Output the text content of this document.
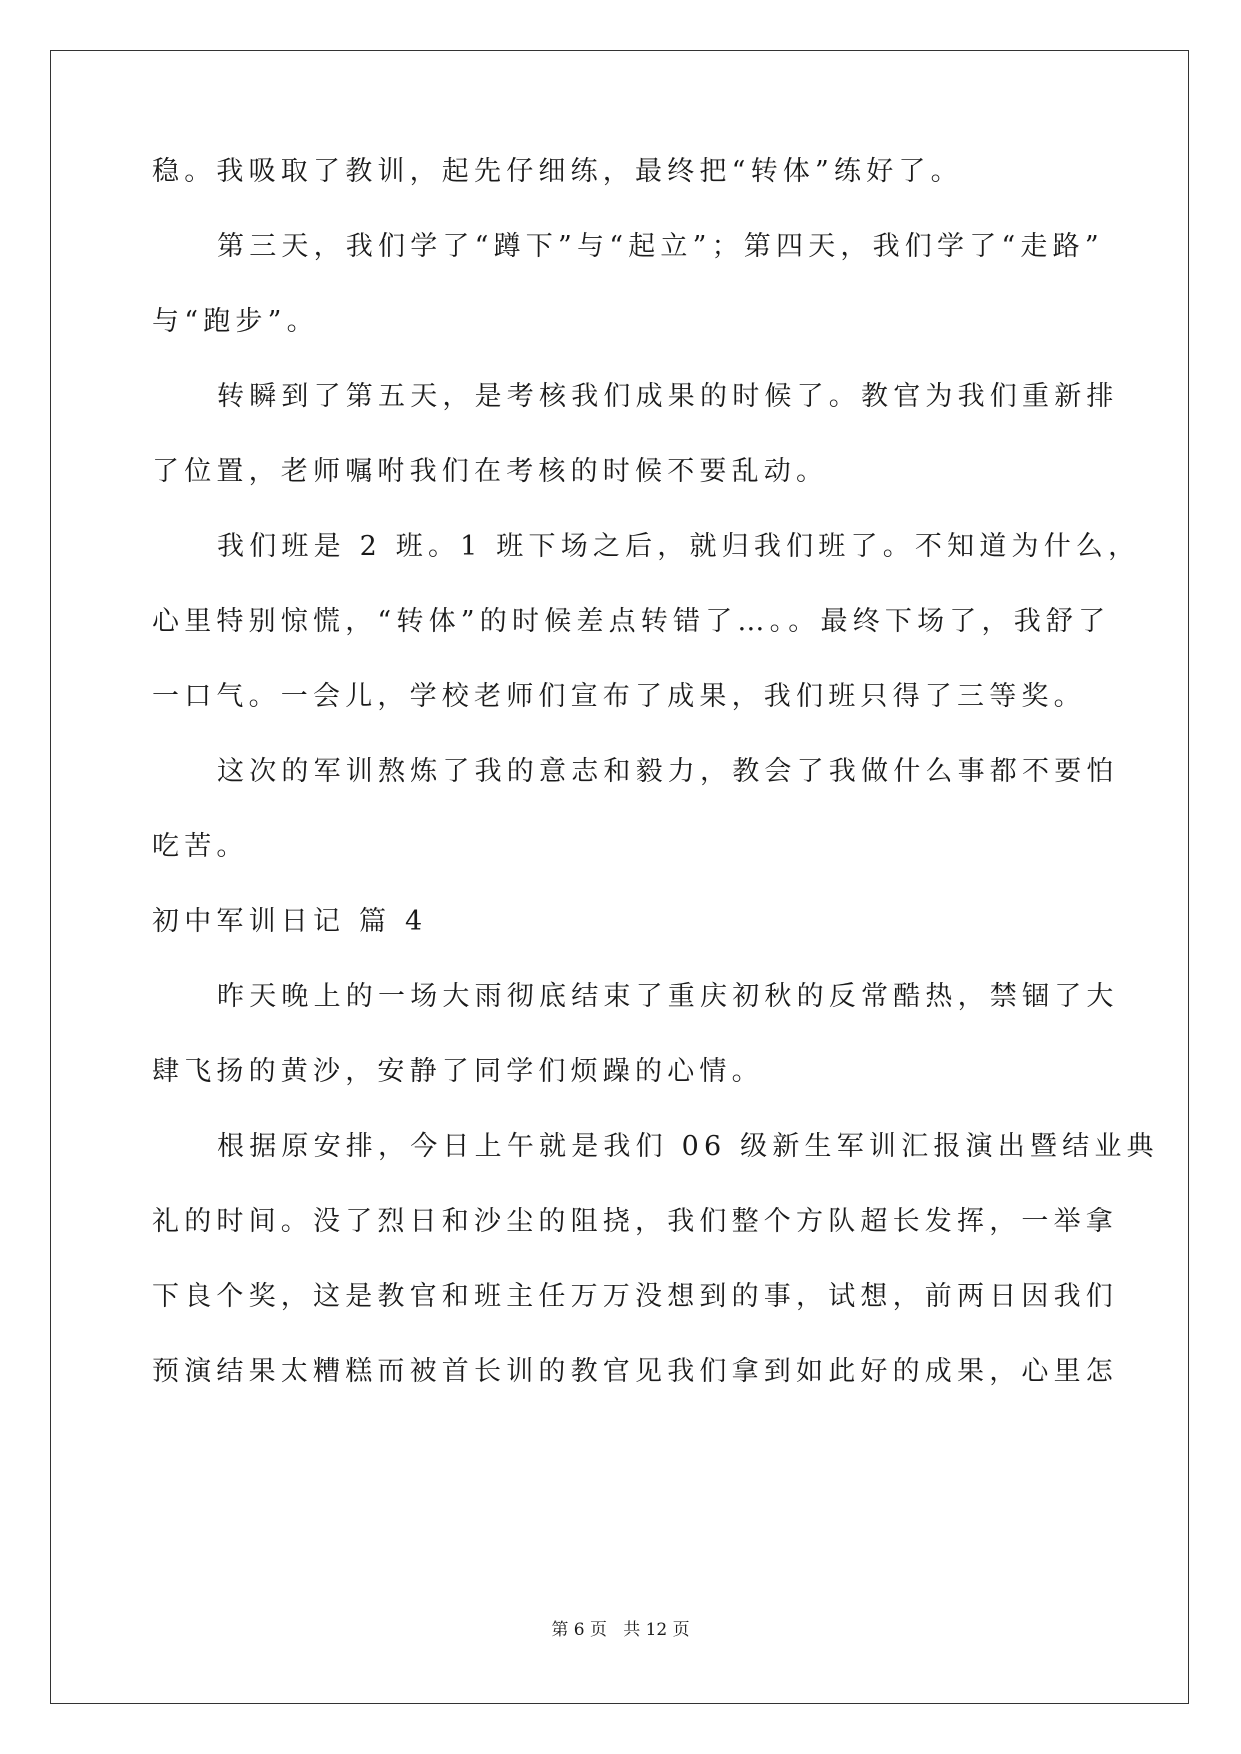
稳。我吸取了教训，起先仔细练，最终把“转体”练好了。
第三天，我们学了“蹲下”与“起立”；第四天，我们学了“走路”
与“跑步”。
转瞬到了第五天，是考核我们成果的时候了。教官为我们重新排
了位置，老师嘱咐我们在考核的时候不要乱动。
我们班是 2 班。1 班下场之后，就归我们班了。不知道为什么，
心里特别惊慌，“转体”的时候差点转错了…。。最终下场了，我舒了
一口气。一会儿，学校老师们宣布了成果，我们班只得了三等奖。
这次的军训熬炼了我的意志和毅力，教会了我做什么事都不要怕
吃苦。
初中军训日记 篇 4
昨天晚上的一场大雨彻底结束了重庆初秋的反常酷热，禁锢了大
肆飞扬的黄沙，安静了同学们烦躁的心情。
根据原安排，今日上午就是我们 06 级新生军训汇报演出暨结业典
礼的时间。没了烈日和沙尘的阻挠，我们整个方队超长发挥，一举拿
下良个奖，这是教官和班主任万万没想到的事，试想，前两日因我们
预演结果太糟糕而被首长训的教官见我们拿到如此好的成果，心里怎
第 6 页   共 12 页
